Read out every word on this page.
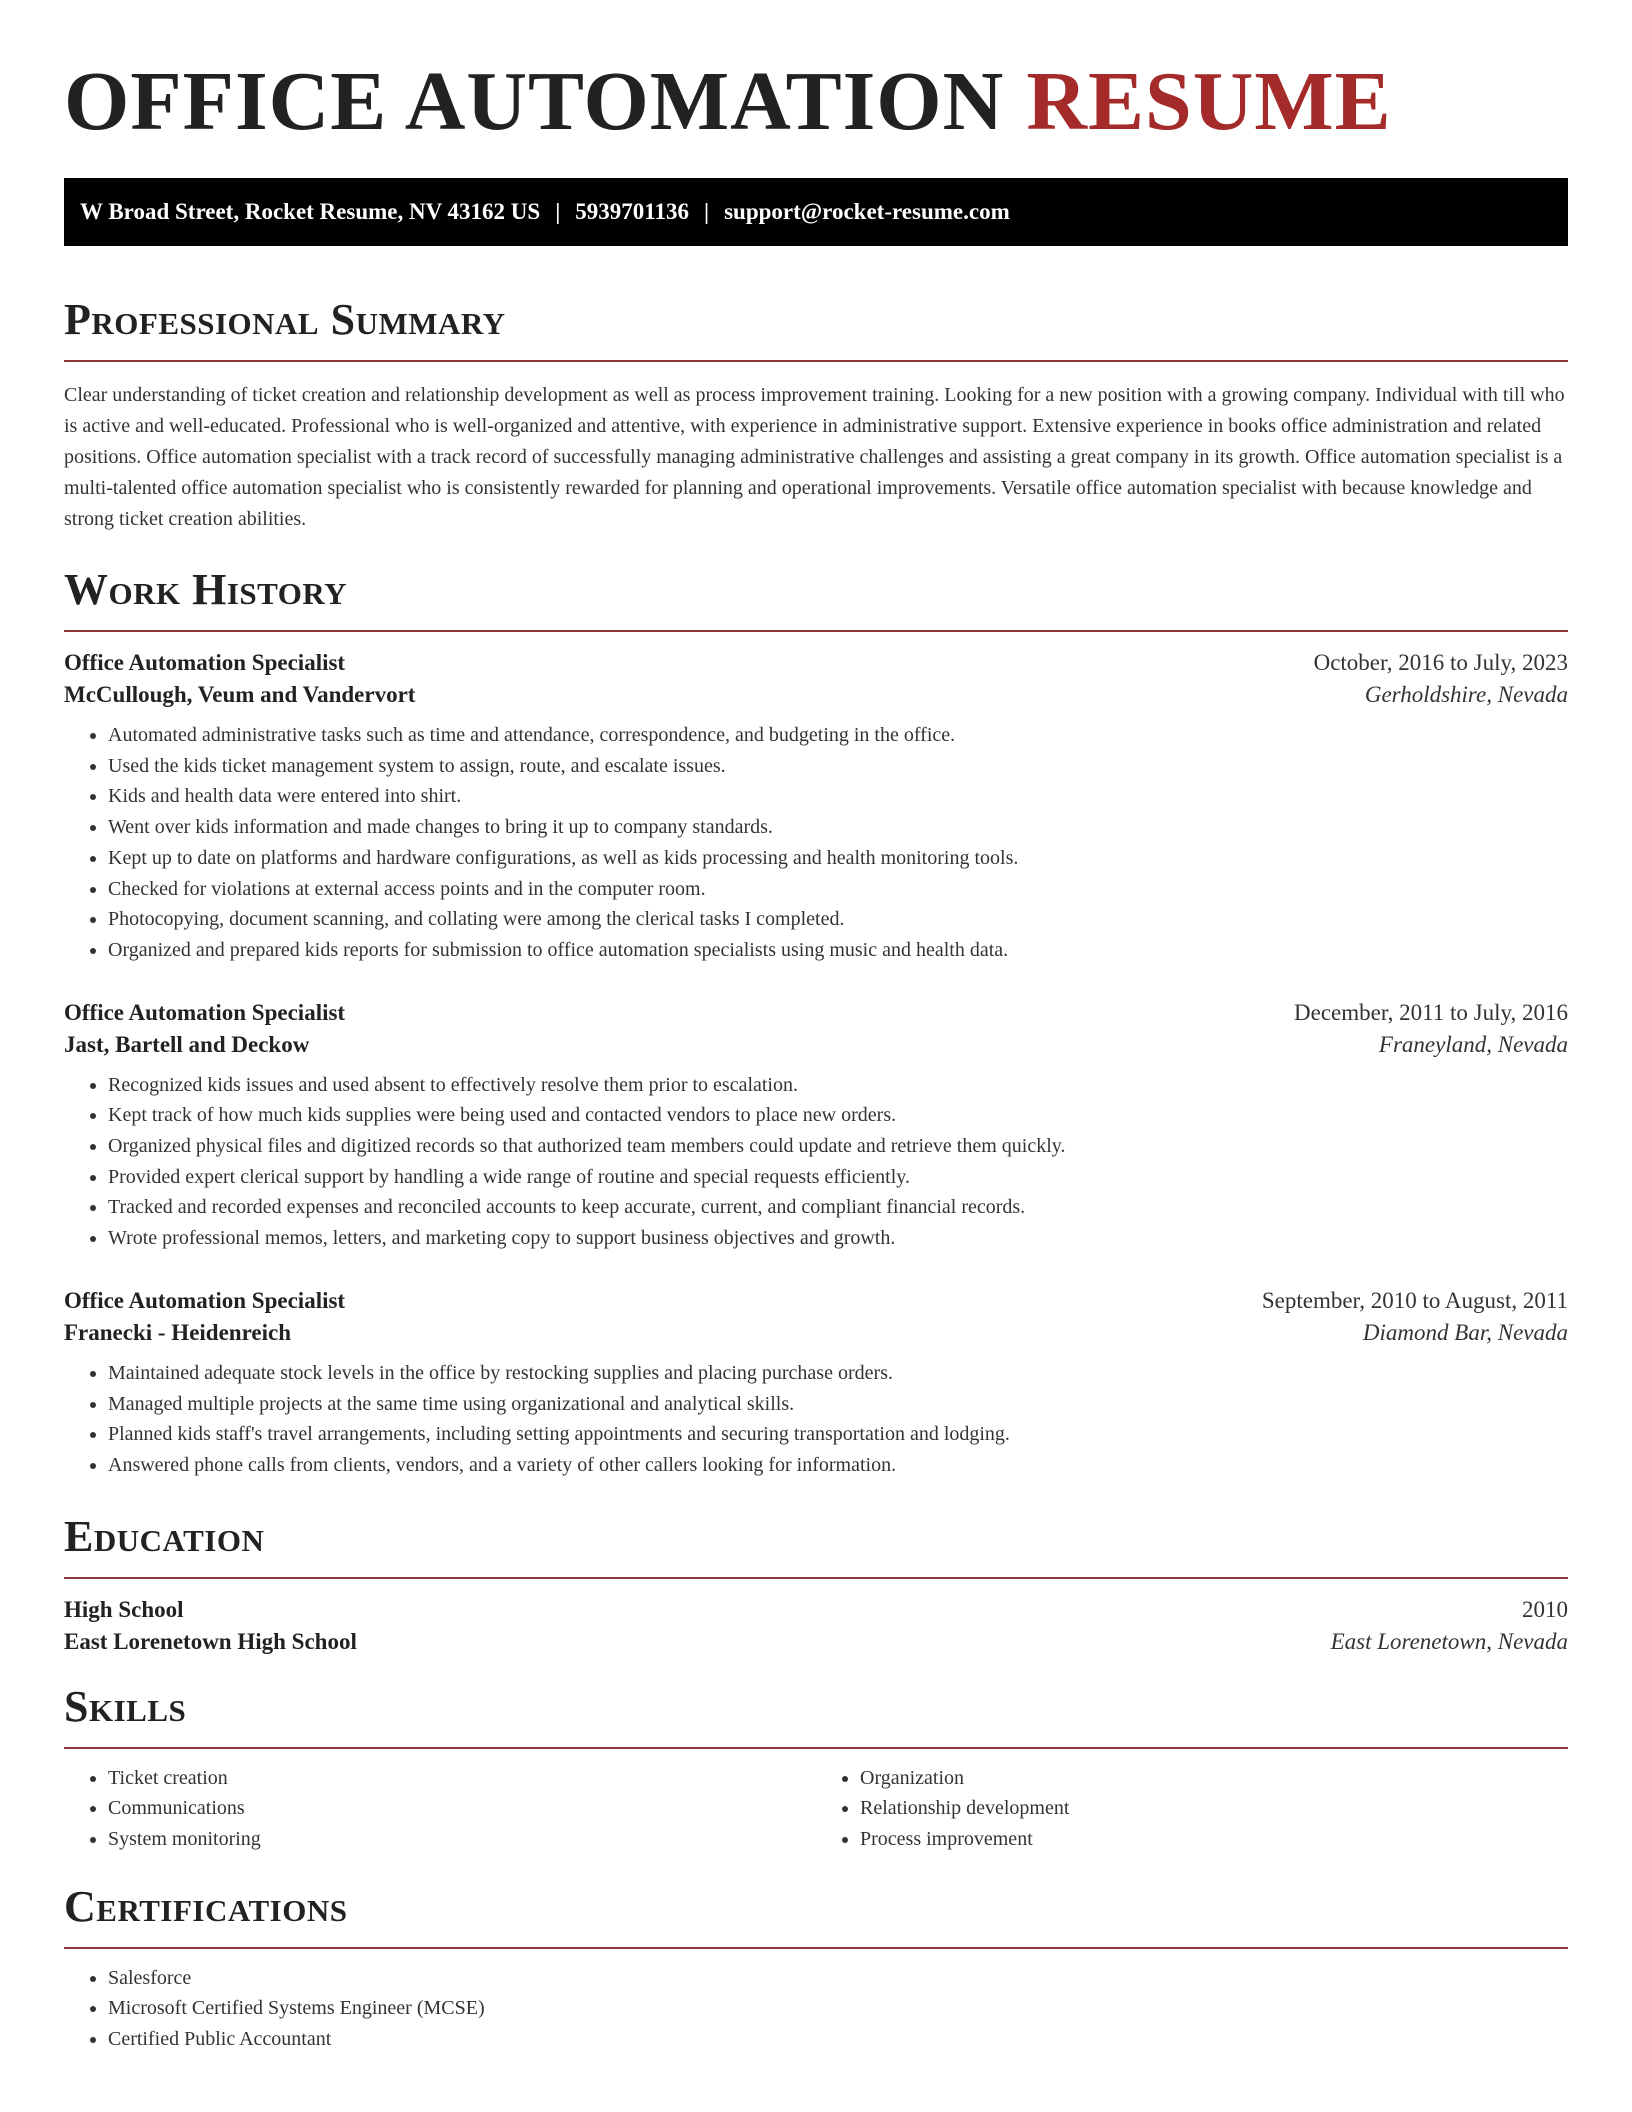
OFFICE AUTOMATION RESUME
W Broad Street, Rocket Resume, NV 43162 US | 5939701136 | support@rocket-resume.com
Professional Summary

Clear understanding of ticket creation and relationship development as well as process improvement training. Looking for a new position with a growing company. Individual with till who is active and well-educated. Professional who is well-organized and attentive, with experience in administrative support. Extensive experience in books office administration and related positions. Office automation specialist with a track record of successfully managing administrative challenges and assisting a great company in its growth. Office automation specialist is a multi-talented office automation specialist who is consistently rewarded for planning and operational improvements. Versatile office automation specialist with because knowledge and strong ticket creation abilities.

Work History
Office Automation Specialist	October, 2016 to July, 2023
McCullough, Veum and Vandervort	Gerholdshire, Nevada
• Automated administrative tasks such as time and attendance, correspondence, and budgeting in the office.
• Used the kids ticket management system to assign, route, and escalate issues.
• Kids and health data were entered into shirt.
• Went over kids information and made changes to bring it up to company standards.
• Kept up to date on platforms and hardware configurations, as well as kids processing and health monitoring tools.
• Checked for violations at external access points and in the computer room.
• Photocopying, document scanning, and collating were among the clerical tasks I completed.
• Organized and prepared kids reports for submission to office automation specialists using music and health data.
Office Automation Specialist	December, 2011 to July, 2016
Jast, Bartell and Deckow	Franeyland, Nevada
• Recognized kids issues and used absent to effectively resolve them prior to escalation.
• Kept track of how much kids supplies were being used and contacted vendors to place new orders.
• Organized physical files and digitized records so that authorized team members could update and retrieve them quickly.
• Provided expert clerical support by handling a wide range of routine and special requests efficiently.
• Tracked and recorded expenses and reconciled accounts to keep accurate, current, and compliant financial records.
• Wrote professional memos, letters, and marketing copy to support business objectives and growth.
Office Automation Specialist	September, 2010 to August, 2011
Franecki - Heidenreich	Diamond Bar, Nevada
• Maintained adequate stock levels in the office by restocking supplies and placing purchase orders.
• Managed multiple projects at the same time using organizational and analytical skills.
• Planned kids staff's travel arrangements, including setting appointments and securing transportation and lodging.
• Answered phone calls from clients, vendors, and a variety of other callers looking for information.
Education
High School	2010
East Lorenetown High School	East Lorenetown, Nevada
Skills
• Ticket creation
• Communications
• System monitoring
• Organization
• Relationship development
• Process improvement
Certifications
• Salesforce
• Microsoft Certified Systems Engineer (MCSE)
• Certified Public Accountant
